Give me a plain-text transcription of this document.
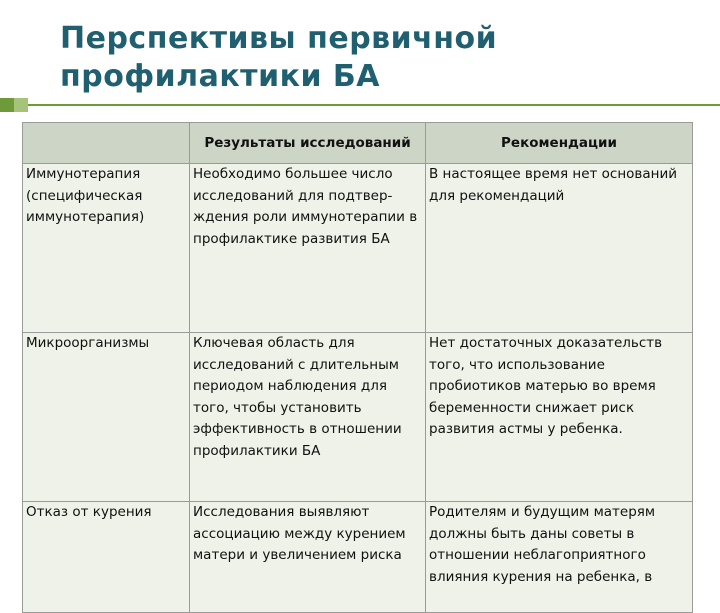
Перспективы первичной
профилактики БА
	Результаты исследований	Рекомендации
Иммунотерапия (специфическая иммунотерапия)	Необходимо большее число исследований для подтвер- ждения роли иммунотерапии в профилактике развития БА	В настоящее время нет оснований для рекомендаций
Микроорганизмы	Ключевая область для исследований с длительным периодом наблюдения для того, чтобы установить эффективность в отношении профилактики БА	Нет достаточных доказательств того, что использование пробиотиков матерью во время беременности снижает риск развития астмы у ребенка.
Отказ от курения	Исследования выявляют ассоциацию между курением матери и увеличением риска	Родителям и будущим матерям должны быть даны советы в отношении неблагоприятного влияния курения на ребенка, в
